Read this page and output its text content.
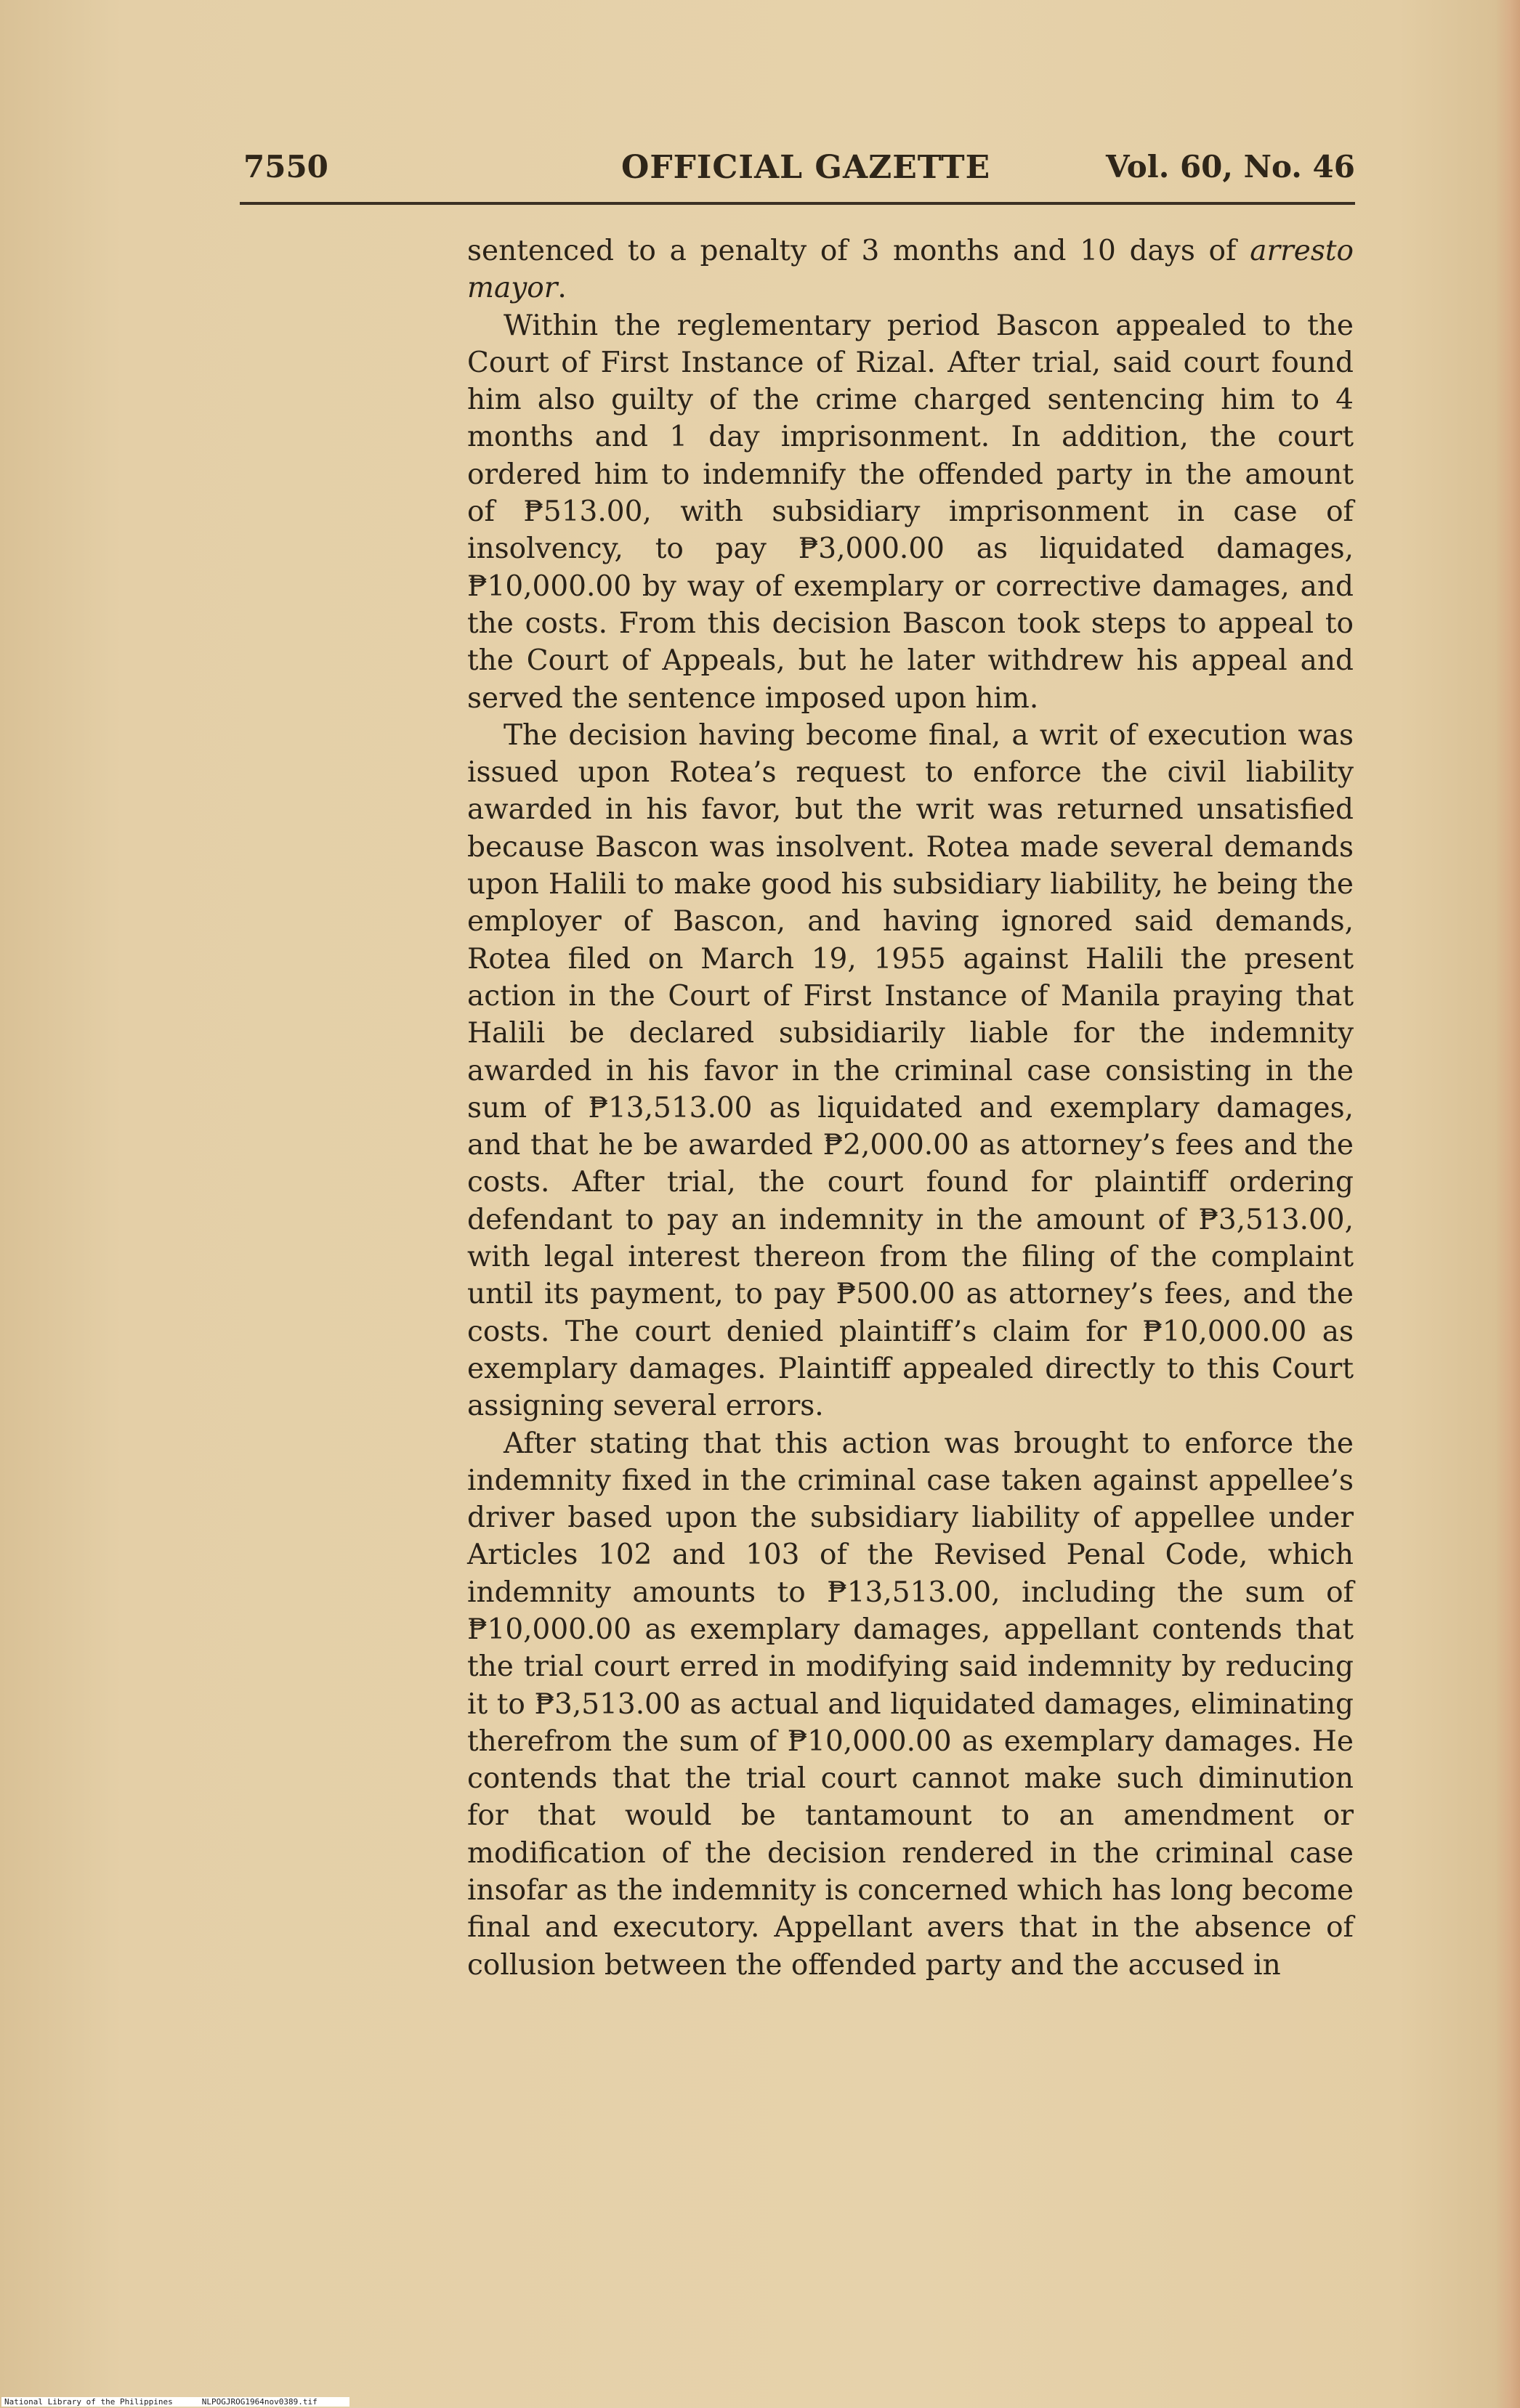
7550	OFFICIAL GAZETTE	Vol. 60, No. 46

sentenced to a penalty of 3 months and 10 days of arresto mayor.

Within the reglementary period Bascon appealed to the Court of First Instance of Rizal. After trial, said court found him also guilty of the crime charged sentencing him to 4 months and 1 day imprisonment. In addition, the court ordered him to indemnify the offended party in the amount of ₱513.00, with subsidiary imprisonment in case of insolvency, to pay ₱3,000.00 as liquidated damages, ₱10,000.00 by way of exemplary or corrective damages, and the costs. From this decision Bascon took steps to appeal to the Court of Appeals, but he later withdrew his appeal and served the sentence imposed upon him.

The decision having become final, a writ of execution was issued upon Rotea’s request to enforce the civil liability awarded in his favor, but the writ was returned unsatisfied because Bascon was insolvent. Rotea made several demands upon Halili to make good his subsidiary liability, he being the employer of Bascon, and having ignored said demands, Rotea filed on March 19, 1955 against Halili the present action in the Court of First Instance of Manila praying that Halili be declared subsidiarily liable for the indemnity awarded in his favor in the criminal case consisting in the sum of ₱13,513.00 as liquidated and exemplary damages, and that he be awarded ₱2,000.00 as attorney’s fees and the costs. After trial, the court found for plaintiff ordering defendant to pay an indemnity in the amount of ₱3,513.00, with legal interest thereon from the filing of the complaint until its payment, to pay ₱500.00 as attorney’s fees, and the costs. The court denied plaintiff’s claim for ₱10,000.00 as exemplary damages. Plaintiff appealed directly to this Court assigning several errors.

After stating that this action was brought to enforce the indemnity fixed in the criminal case taken against appellee’s driver based upon the subsidiary liability of appellee under Articles 102 and 103 of the Revised Penal Code, which indemnity amounts to ₱13,513.00, including the sum of ₱10,000.00 as exemplary damages, appellant contends that the trial court erred in modifying said indemnity by reducing it to ₱3,513.00 as actual and liquidated damages, eliminating therefrom the sum of ₱10,000.00 as exemplary damages. He contends that the trial court cannot make such diminution for that would be tantamount to an amendment or modification of the decision rendered in the criminal case insofar as the indemnity is concerned which has long become final and executory. Appellant avers that in the absence of collusion between the offended party and the accused in

National Library of the Philippines	NLPOGJROG1964nov0389.tif
